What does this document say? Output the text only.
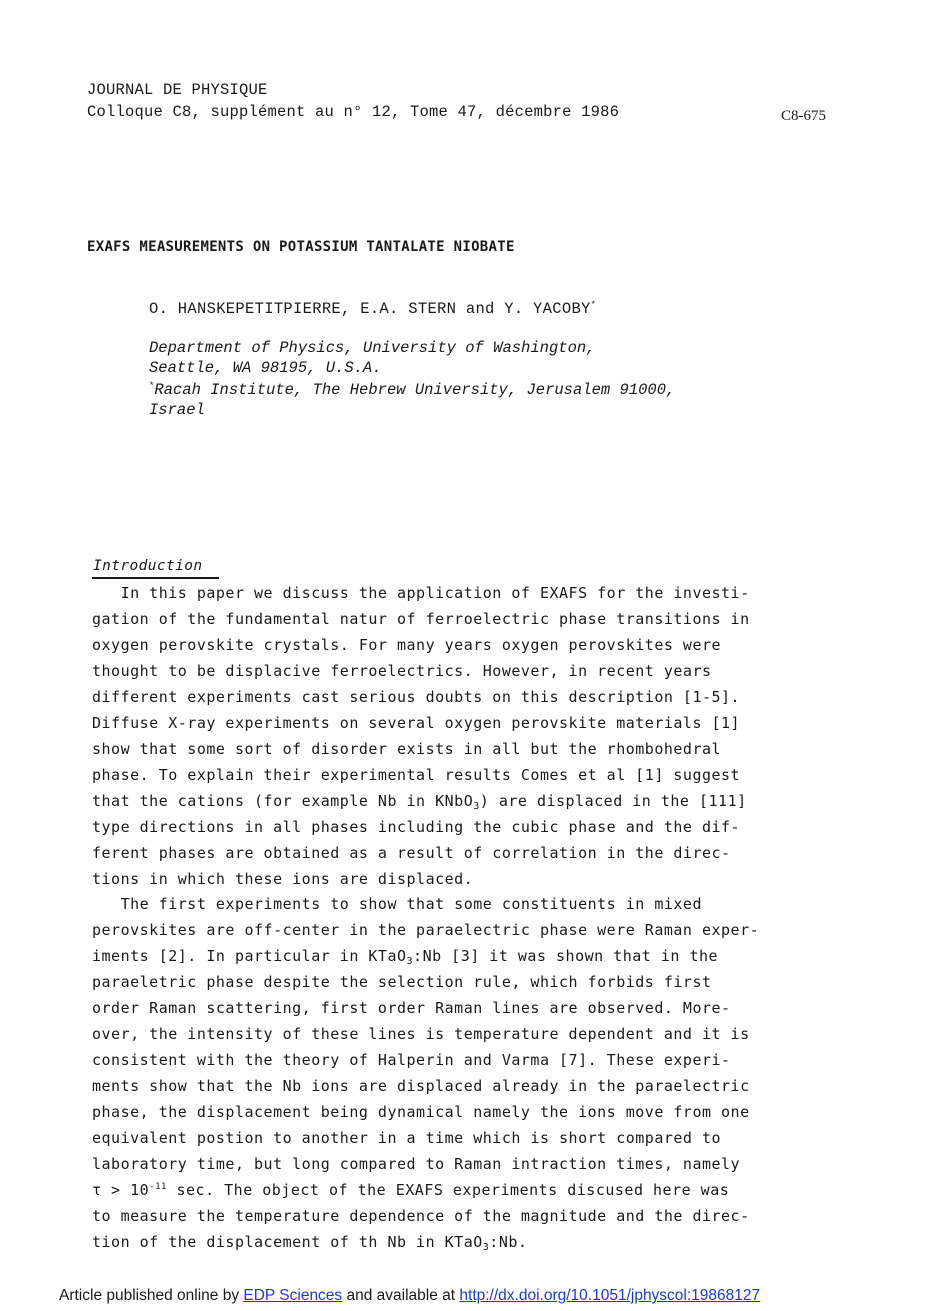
JOURNAL DE PHYSIQUE
Colloque C8, supplément au n° 12, Tome 47, décembre 1986	C8-675
EXAFS MEASUREMENTS ON POTASSIUM TANTALATE NIOBATE
O. HANSKEPETITPIERRE, E.A. STERN and Y. YACOBY*
Department of Physics, University of Washington,
Seattle, WA 98195, U.S.A.
*Racah Institute, The Hebrew University, Jerusalem 91000,
Israel
Introduction
In this paper we discuss the application of EXAFS for the investi-
gation of the fundamental natur of ferroelectric phase transitions in
oxygen perovskite crystals. For many years oxygen perovskites were
thought to be displacive ferroelectrics. However, in recent years
different experiments cast serious doubts on this description [1-5].
Diffuse X-ray experiments on several oxygen perovskite materials [1]
show that some sort of disorder exists in all but the rhombohedral
phase. To explain their experimental results Comes et al [1] suggest
that the cations (for example Nb in KNbO$_3$) are displaced in the [111]
type directions in all phases including the cubic phase and the dif-
ferent phases are obtained as a result of correlation in the direc-
tions in which these ions are displaced.
The first experiments to show that some constituents in mixed
perovskites are off-center in the paraelectric phase were Raman exper-
iments [2]. In particular in KTaO$_3$:Nb [3] it was shown that in the
paraeletric phase despite the selection rule, which forbids first
order Raman scattering, first order Raman lines are observed. More-
over, the intensity of these lines is temperature dependent and it is
consistent with the theory of Halperin and Varma [7]. These experi-
ments show that the Nb ions are displaced already in the paraelectric
phase, the displacement being dynamical namely the ions move from one
equivalent postion to another in a time which is short compared to
laboratory time, but long compared to Raman intraction times, namely
$\tau > 10^{-11}$ sec. The object of the EXAFS experiments discused here was
to measure the temperature dependence of the magnitude and the direc-
tion of the displacement of th Nb in KTaO$_3$:Nb.
Article published online by EDP Sciences and available at http://dx.doi.org/10.1051/jphyscol:19868127
